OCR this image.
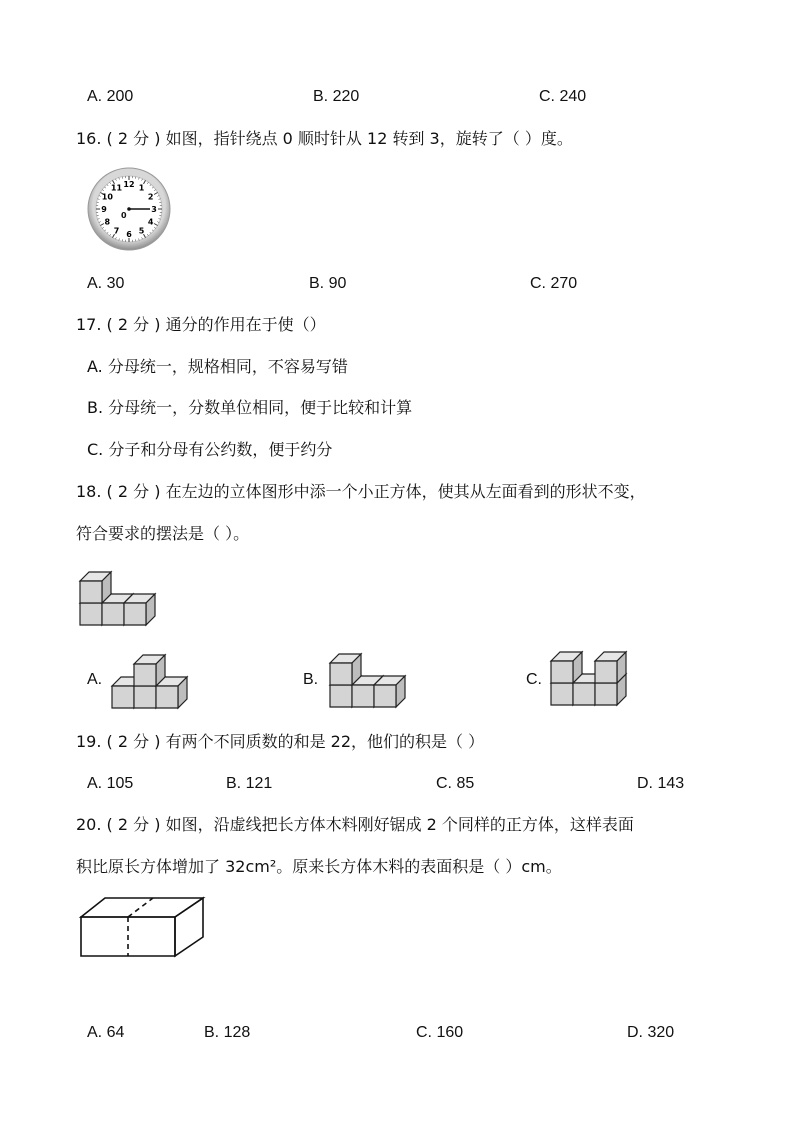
A. 200	B. 220	C. 240
16. ( 2 分 ) 如图，指针绕点 0 顺时针从 12 转到 3，旋转了（ ）度。
12 1
2
3
4
5
6
7
8
9
10
11
0
A. 30	B. 90	C. 270
17. ( 2 分 ) 通分的作用在于使（）
A. 分母统一，规格相同，不容易写错
B. 分母统一，分数单位相同，便于比较和计算
C. 分子和分母有公约数，便于约分
18. ( 2 分 ) 在左边的立体图形中添一个小正方体，使其从左面看到的形状不变，
符合要求的摆法是（ ）。
A.	B.	C.
19. ( 2 分 ) 有两个不同质数的和是 22，他们的积是（ ）
A. 105	B. 121	C. 85	D. 143
20. ( 2 分 ) 如图，沿虚线把长方体木料刚好锯成 2 个同样的正方体，这样表面
积比原长方体增加了 32cm²。原来长方体木料的表面积是（ ）cm。
A. 64	B. 128	C. 160	D. 320
